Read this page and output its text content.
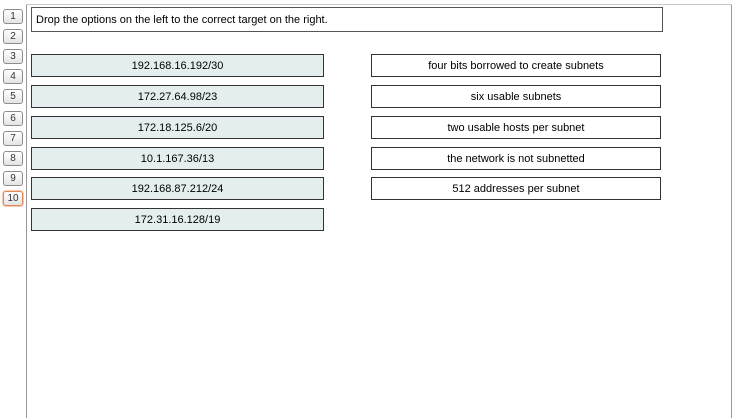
1
2
3
4
5
6
7
8
9
10
Drop the options on the left to the correct target on the right.
192.168.16.192/30
172.27.64.98/23
172.18.125.6/20
10.1.167.36/13
192.168.87.212/24
172.31.16.128/19
four bits borrowed to create subnets
six usable subnets
two usable hosts per subnet
the network is not subnetted
512 addresses per subnet
